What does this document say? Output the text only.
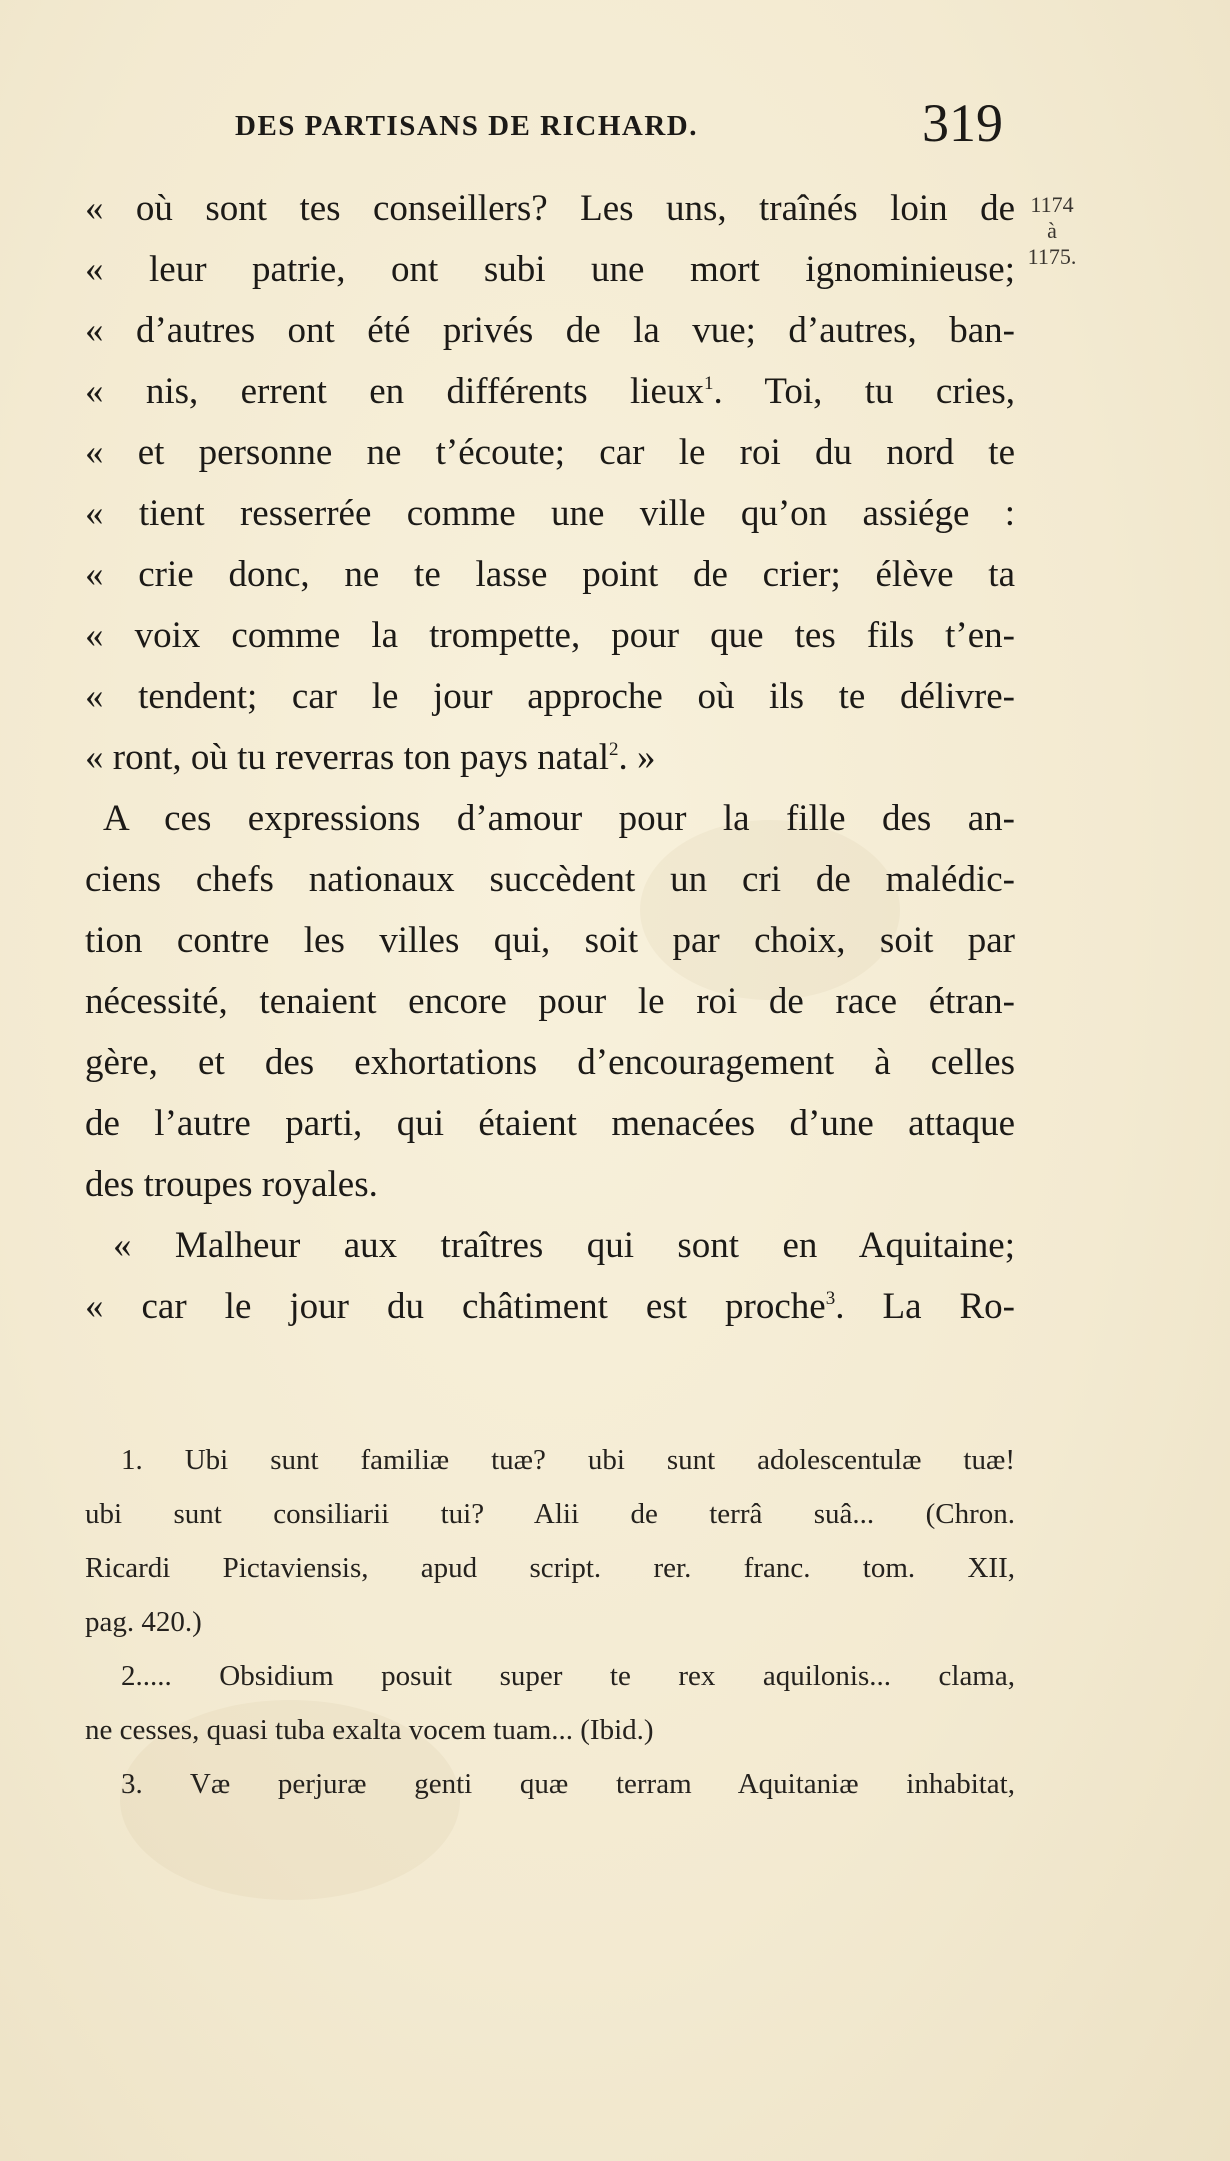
DES PARTISANS DE RICHARD.	319
1174
à
1175.
« où sont tes conseillers? Les uns, traînés loin de
« leur patrie, ont subi une mort ignominieuse;
« d’autres ont été privés de la vue; d’autres, ban-
« nis, errent en différents lieux$^1$. Toi, tu cries,
« et personne ne t’écoute; car le roi du nord te
« tient resserrée comme une ville qu’on assiége :
« crie donc, ne te lasse point de crier; élève ta
« voix comme la trompette, pour que tes fils t’en-
« tendent; car le jour approche où ils te délivre-
« ront, où tu reverras ton pays natal$^2$. »
A ces expressions d’amour pour la fille des an-
ciens chefs nationaux succèdent un cri de malédic-
tion contre les villes qui, soit par choix, soit par
nécessité, tenaient encore pour le roi de race étran-
gère, et des exhortations d’encouragement à celles
de l’autre parti, qui étaient menacées d’une attaque
des troupes royales.
« Malheur aux traîtres qui sont en Aquitaine;
« car le jour du châtiment est proche$^3$. La Ro-
1. Ubi sunt familiæ tuæ? ubi sunt adolescentulæ tuæ!
ubi sunt consiliarii tui? Alii de terrâ suâ... (Chron.
Ricardi Pictaviensis, apud script. rer. franc. tom. XII,
pag. 420.)
2..... Obsidium posuit super te rex aquilonis... clama,
ne cesses, quasi tuba exalta vocem tuam... (Ibid.)
3. Væ perjuræ genti quæ terram Aquitaniæ inhabitat,
